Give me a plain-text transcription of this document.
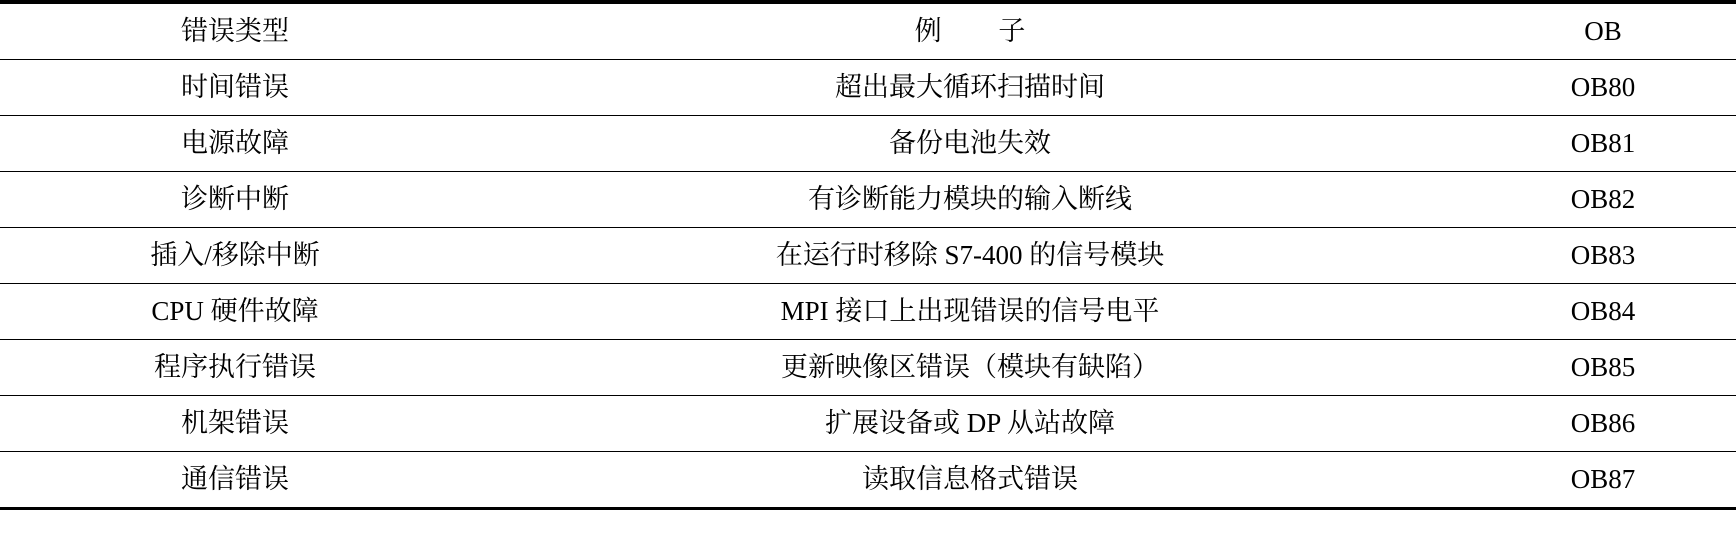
错误类型	例　子	OB
时间错误	超出最大循环扫描时间	OB80
电源故障	备份电池失效	OB81
诊断中断	有诊断能力模块的输入断线	OB82
插入/移除中断	在运行时移除 S7-400 的信号模块	OB83
CPU 硬件故障	MPI 接口上出现错误的信号电平	OB84
程序执行错误	更新映像区错误（模块有缺陷）	OB85
机架错误	扩展设备或 DP 从站故障	OB86
通信错误	读取信息格式错误	OB87
